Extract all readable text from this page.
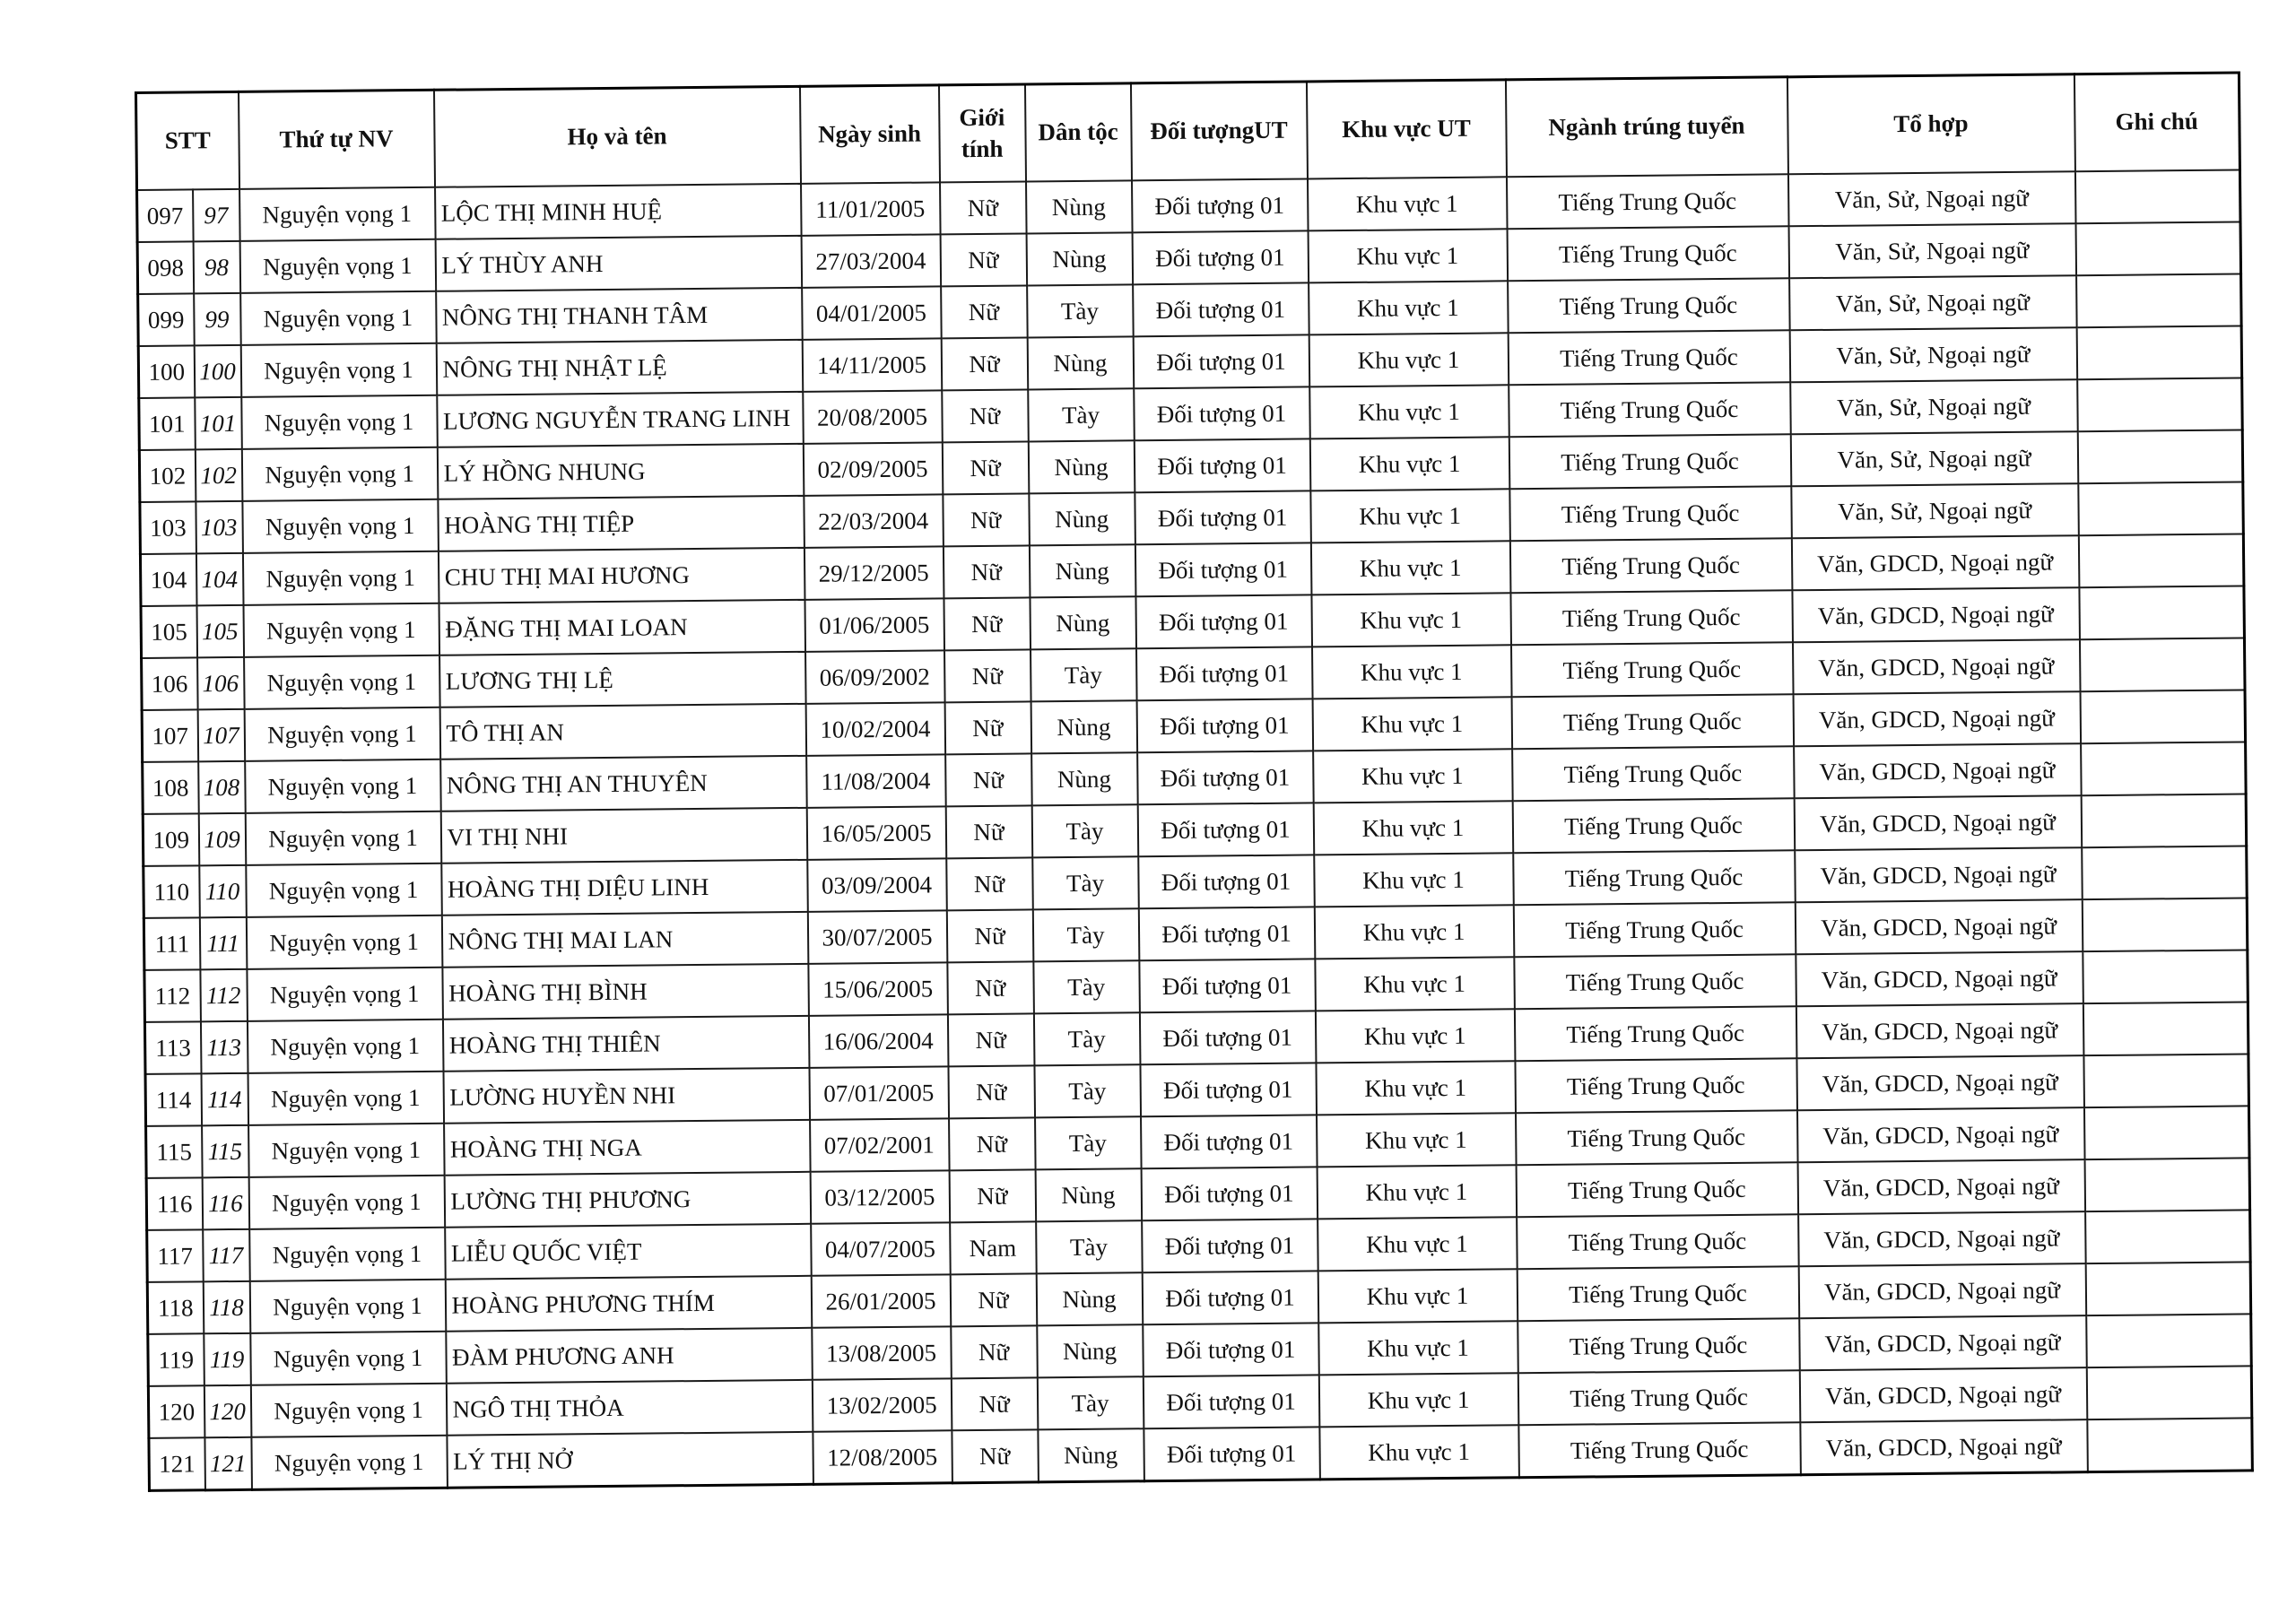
STT		Thứ tự NV	Họ và tên	Ngày sinh	Giới tính	Dân tộc	Đối tượngUT	Khu vực UT	Ngành trúng tuyển	Tổ hợp	Ghi chú
097	97	Nguyện vọng 1	LỘC THỊ MINH HUỆ	11/01/2005	Nữ	Nùng	Đối tượng 01	Khu vực 1	Tiếng Trung Quốc	Văn, Sử, Ngoại ngữ	
098	98	Nguyện vọng 1	LÝ THÙY ANH	27/03/2004	Nữ	Nùng	Đối tượng 01	Khu vực 1	Tiếng Trung Quốc	Văn, Sử, Ngoại ngữ	
099	99	Nguyện vọng 1	NÔNG THỊ THANH TÂM	04/01/2005	Nữ	Tày	Đối tượng 01	Khu vực 1	Tiếng Trung Quốc	Văn, Sử, Ngoại ngữ	
100	100	Nguyện vọng 1	NÔNG THỊ NHẬT LỆ	14/11/2005	Nữ	Nùng	Đối tượng 01	Khu vực 1	Tiếng Trung Quốc	Văn, Sử, Ngoại ngữ	
101	101	Nguyện vọng 1	LƯƠNG NGUYỄN TRANG LINH	20/08/2005	Nữ	Tày	Đối tượng 01	Khu vực 1	Tiếng Trung Quốc	Văn, Sử, Ngoại ngữ	
102	102	Nguyện vọng 1	LÝ HỒNG NHUNG	02/09/2005	Nữ	Nùng	Đối tượng 01	Khu vực 1	Tiếng Trung Quốc	Văn, Sử, Ngoại ngữ	
103	103	Nguyện vọng 1	HOÀNG THỊ TIỆP	22/03/2004	Nữ	Nùng	Đối tượng 01	Khu vực 1	Tiếng Trung Quốc	Văn, Sử, Ngoại ngữ	
104	104	Nguyện vọng 1	CHU THỊ MAI HƯƠNG	29/12/2005	Nữ	Nùng	Đối tượng 01	Khu vực 1	Tiếng Trung Quốc	Văn, GDCD, Ngoại ngữ	
105	105	Nguyện vọng 1	ĐẶNG THỊ MAI LOAN	01/06/2005	Nữ	Nùng	Đối tượng 01	Khu vực 1	Tiếng Trung Quốc	Văn, GDCD, Ngoại ngữ	
106	106	Nguyện vọng 1	LƯƠNG THỊ LỆ	06/09/2002	Nữ	Tày	Đối tượng 01	Khu vực 1	Tiếng Trung Quốc	Văn, GDCD, Ngoại ngữ	
107	107	Nguyện vọng 1	TÔ THỊ AN	10/02/2004	Nữ	Nùng	Đối tượng 01	Khu vực 1	Tiếng Trung Quốc	Văn, GDCD, Ngoại ngữ	
108	108	Nguyện vọng 1	NÔNG THỊ AN THUYÊN	11/08/2004	Nữ	Nùng	Đối tượng 01	Khu vực 1	Tiếng Trung Quốc	Văn, GDCD, Ngoại ngữ	
109	109	Nguyện vọng 1	VI THỊ NHI	16/05/2005	Nữ	Tày	Đối tượng 01	Khu vực 1	Tiếng Trung Quốc	Văn, GDCD, Ngoại ngữ	
110	110	Nguyện vọng 1	HOÀNG THỊ DIỆU LINH	03/09/2004	Nữ	Tày	Đối tượng 01	Khu vực 1	Tiếng Trung Quốc	Văn, GDCD, Ngoại ngữ	
111	111	Nguyện vọng 1	NÔNG THỊ MAI LAN	30/07/2005	Nữ	Tày	Đối tượng 01	Khu vực 1	Tiếng Trung Quốc	Văn, GDCD, Ngoại ngữ	
112	112	Nguyện vọng 1	HOÀNG THỊ BÌNH	15/06/2005	Nữ	Tày	Đối tượng 01	Khu vực 1	Tiếng Trung Quốc	Văn, GDCD, Ngoại ngữ	
113	113	Nguyện vọng 1	HOÀNG THỊ THIÊN	16/06/2004	Nữ	Tày	Đối tượng 01	Khu vực 1	Tiếng Trung Quốc	Văn, GDCD, Ngoại ngữ	
114	114	Nguyện vọng 1	LƯỜNG HUYỀN NHI	07/01/2005	Nữ	Tày	Đối tượng 01	Khu vực 1	Tiếng Trung Quốc	Văn, GDCD, Ngoại ngữ	
115	115	Nguyện vọng 1	HOÀNG THỊ NGA	07/02/2001	Nữ	Tày	Đối tượng 01	Khu vực 1	Tiếng Trung Quốc	Văn, GDCD, Ngoại ngữ	
116	116	Nguyện vọng 1	LƯỜNG THỊ PHƯƠNG	03/12/2005	Nữ	Nùng	Đối tượng 01	Khu vực 1	Tiếng Trung Quốc	Văn, GDCD, Ngoại ngữ	
117	117	Nguyện vọng 1	LIỄU QUỐC VIỆT	04/07/2005	Nam	Tày	Đối tượng 01	Khu vực 1	Tiếng Trung Quốc	Văn, GDCD, Ngoại ngữ	
118	118	Nguyện vọng 1	HOÀNG PHƯƠNG THÍM	26/01/2005	Nữ	Nùng	Đối tượng 01	Khu vực 1	Tiếng Trung Quốc	Văn, GDCD, Ngoại ngữ	
119	119	Nguyện vọng 1	ĐÀM PHƯƠNG ANH	13/08/2005	Nữ	Nùng	Đối tượng 01	Khu vực 1	Tiếng Trung Quốc	Văn, GDCD, Ngoại ngữ	
120	120	Nguyện vọng 1	NGÔ THỊ THỎA	13/02/2005	Nữ	Tày	Đối tượng 01	Khu vực 1	Tiếng Trung Quốc	Văn, GDCD, Ngoại ngữ	
121	121	Nguyện vọng 1	LÝ THỊ NỞ	12/08/2005	Nữ	Nùng	Đối tượng 01	Khu vực 1	Tiếng Trung Quốc	Văn, GDCD, Ngoại ngữ	
